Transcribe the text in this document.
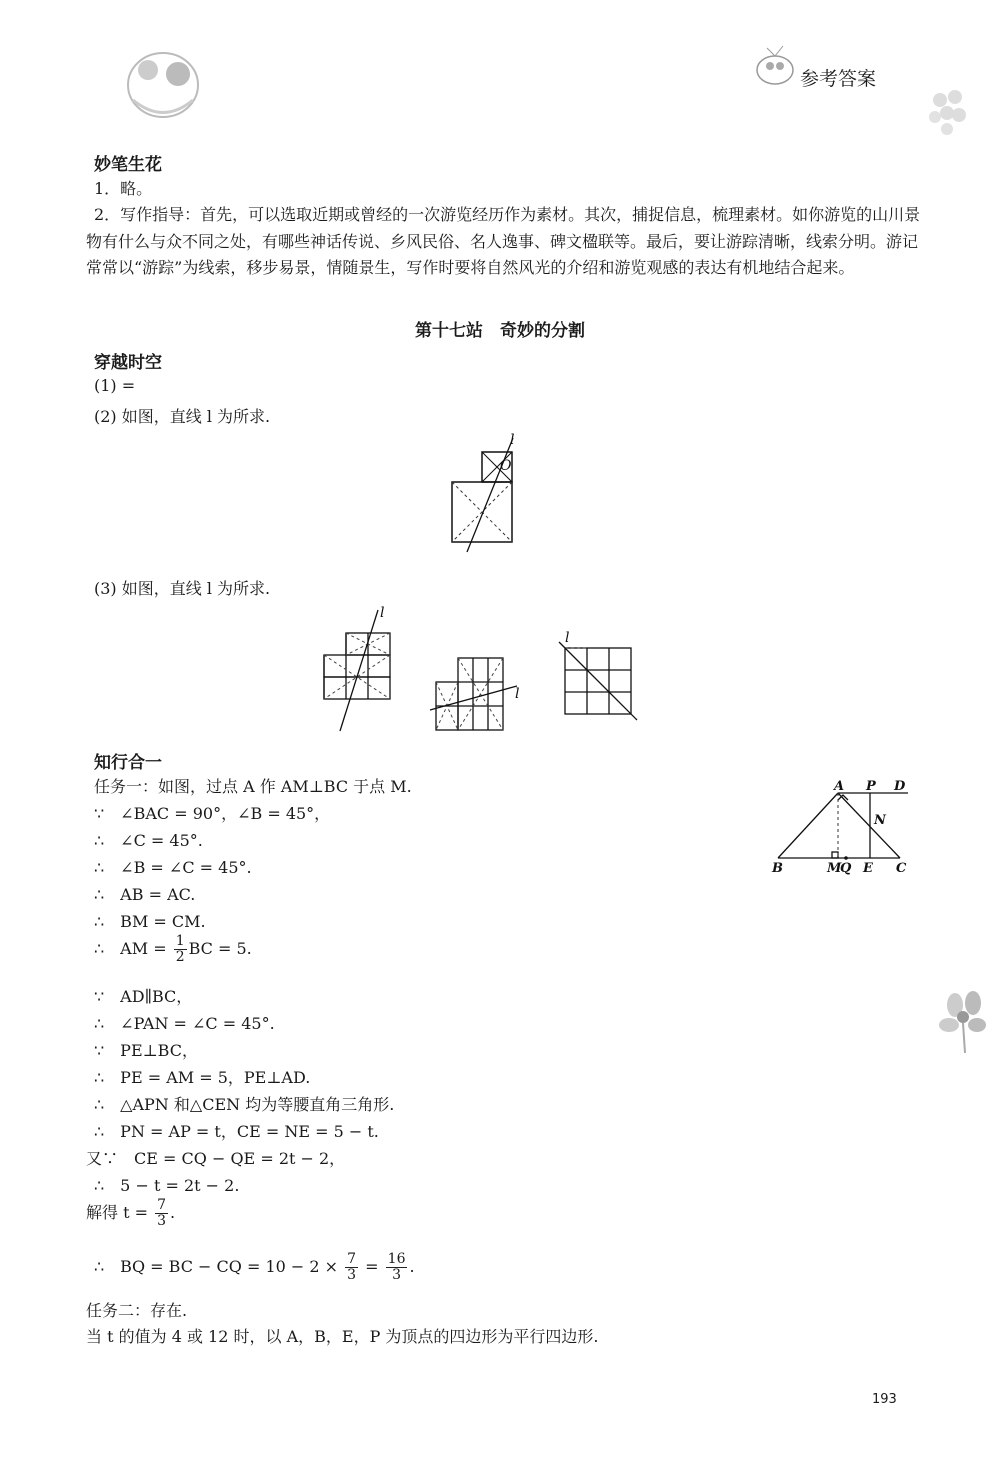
参考答案
妙笔生花
1．略。
2．写作指导：首先，可以选取近期或曾经的一次游览经历作为素材。其次，捕捉信息，梳理素材。如你游览的山川景物有什么与众不同之处，有哪些神话传说、乡风民俗、名人逸事、碑文楹联等。最后，要让游踪清晰，线索分明。游记常常以“游踪”为线索，移步易景，情随景生，写作时要将自然风光的介绍和游览观感的表达有机地结合起来。
第十七站　奇妙的分割
穿越时空
(1) =
(2) 如图，直线 l 为所求.
l
O
(3) 如图，直线 l 为所求.
l
l
l
知行合一
任务一：如图，过点 A 作 AM⊥BC 于点 M.
∵　∠BAC = 90°，∠B = 45°，
∴　∠C = 45°.
∴　∠B = ∠C = 45°.
∴　AB = AC.
∴　BM = CM.
∴　AM = $\frac{1}{2}$ BC = 5.
∵　AD∥BC，
∴　∠PAN = ∠C = 45°.
∵　PE⊥BC，
∴　PE = AM = 5，PE⊥AD.
∴　△APN 和△CEN 均为等腰直角三角形.
∴　PN = AP = t，CE = NE = 5 − t.
又∵　CE = CQ − QE = 2t − 2，
∴　5 − t = 2t − 2.
解得 $t = \frac{7}{3}$ .
∴　BQ = BC − CQ = $10 - 2 \times \frac{7}{3} = \frac{16}{3}$ .
任务二：存在.
当 t 的值为 4 或 12 时，以 A，B，E，P 为顶点的四边形为平行四边形.
A P D
N
B	M
Q E C
193
